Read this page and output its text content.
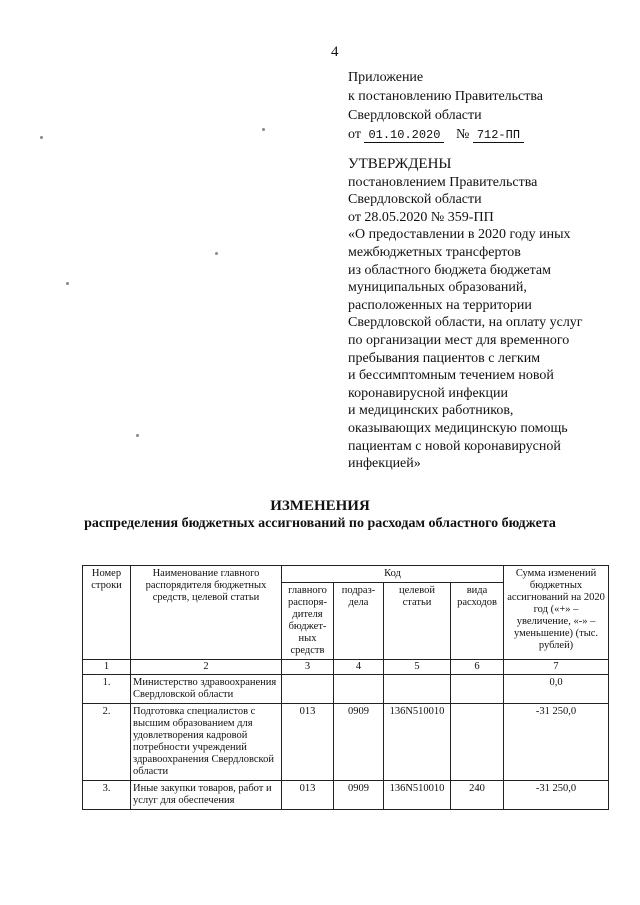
4
Приложение
к постановлению Правительства
Свердловской области
от 01.10.2020 № 712-ПП
УТВЕРЖДЕНЫ
постановлением Правительства
Свердловской области
от 28.05.2020 № 359-ПП
«О предоставлении в 2020 году иных
межбюджетных трансфертов
из областного бюджета бюджетам
муниципальных образований,
расположенных на территории
Свердловской области, на оплату услуг
по организации мест для временного
пребывания пациентов с легким
и бессимптомным течением новой
коронавирусной инфекции
и медицинских работников,
оказывающих медицинскую помощь
пациентам с новой коронавирусной
инфекцией»
ИЗМЕНЕНИЯ
распределения бюджетных ассигнований по расходам областного бюджета
Номер строки	Наименование главного распорядителя бюджетных средств, целевой статьи	Код				Сумма изменений бюджетных ассигнований на 2020 год («+» – увеличение, «-» – уменьшение) (тыс. рублей)
		главного распоря-дителя бюджет-ных средств	подраз-дела	целевой статьи	вида расходов	
1	2	3	4	5	6	7
1.	Министерство здравоохранения Свердловской области					0,0
2.	Подготовка специалистов с высшим образованием для удовлетворения кадровой потребности учреждений здравоохранения Свердловской области	013	0909	136N510010		-31 250,0
3.	Иные закупки товаров, работ и услуг для обеспечения	013	0909	136N510010	240	-31 250,0
